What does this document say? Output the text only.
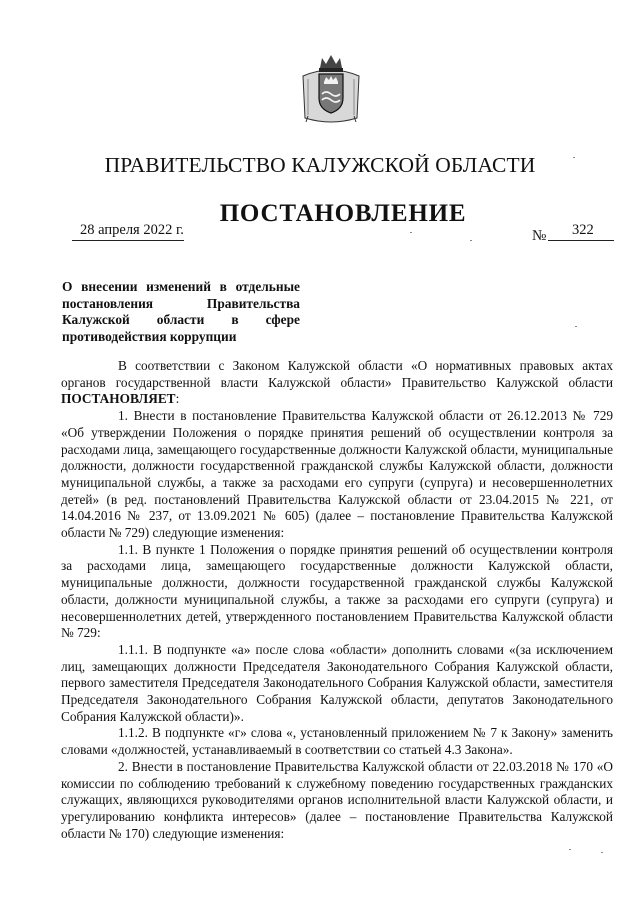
ПРАВИТЕЛЬСТВО КАЛУЖСКОЙ ОБЛАСТИ
ПОСТАНОВЛЕНИЕ
28 апреля 2022 г.	№ 322
О внесении изменений в отдельные постановления Правительства Калужской области в сфере противодействия коррупции

В соответствии с Законом Калужской области «О нормативных правовых актах органов государственной власти Калужской области» Правительство Калужской области ПОСТАНОВЛЯЕТ:

1. Внести в постановление Правительства Калужской области от 26.12.2013 № 729 «Об утверждении Положения о порядке принятия решений об осуществлении контроля за расходами лица, замещающего государственные должности Калужской области, муниципальные должности, должности государственной гражданской службы Калужской области, должности муниципальной службы, а также за расходами его супруги (супруга) и несовершеннолетних детей» (в ред. постановлений Правительства Калужской области от 23.04.2015 № 221, от 14.04.2016 № 237, от 13.09.2021 № 605) (далее – постановление Правительства Калужской области № 729) следующие изменения:

1.1. В пункте 1 Положения о порядке принятия решений об осуществлении контроля за расходами лица, замещающего государственные должности Калужской области, муниципальные должности, должности государственной гражданской службы Калужской области, должности муниципальной службы, а также за расходами его супруги (супруга) и несовершеннолетних детей, утвержденного постановлением Правительства Калужской области № 729:

1.1.1. В подпункте «а» после слова «области» дополнить словами «(за исключением лиц, замещающих должности Председателя Законодательного Собрания Калужской области, первого заместителя Председателя Законодательного Собрания Калужской области, заместителя Председателя Законодательного Собрания Калужской области, депутатов Законодательного Собрания Калужской области)».

1.1.2. В подпункте «г» слова «, установленный приложением № 7 к Закону» заменить словами «должностей, устанавливаемый в соответствии со статьей 4.3 Закона».

2. Внести в постановление Правительства Калужской области от 22.03.2018 № 170 «О комиссии по соблюдению требований к служебному поведению государственных гражданских служащих, являющихся руководителями органов исполнительной власти Калужской области, и урегулированию конфликта интересов» (далее – постановление Правительства Калужской области № 170) следующие изменения:
